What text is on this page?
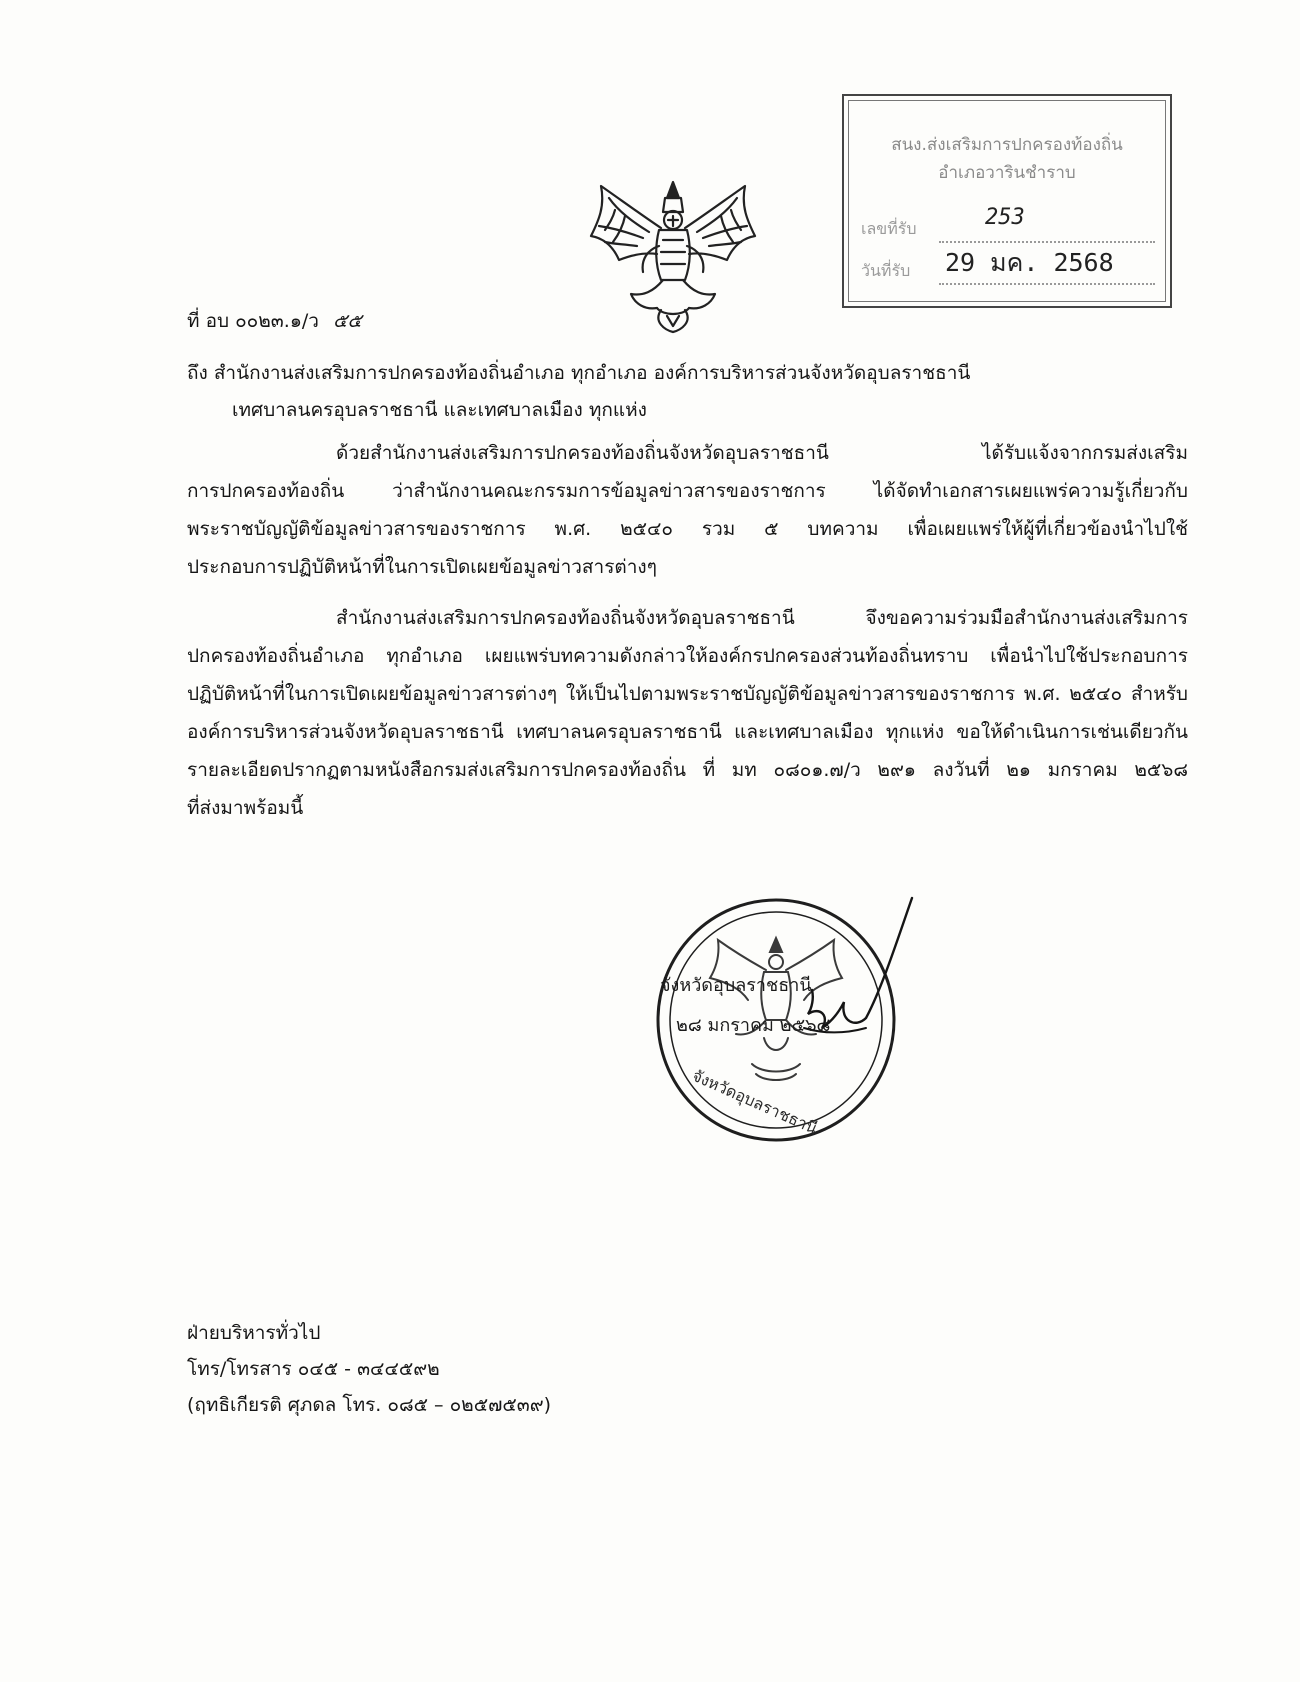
สนง.ส่งเสริมการปกครองท้องถิ่น
อำเภอวารินชำราบ
เลขที่รับ	253
วันที่รับ 29 มค. 2568
ที่ อบ ๐๐๒๓.๑/ว ๕๕
ถึง สำนักงานส่งเสริมการปกครองท้องถิ่นอำเภอ ทุกอำเภอ องค์การบริหารส่วนจังหวัดอุบลราชธานี
เทศบาลนครอุบลราชธานี และเทศบาลเมือง ทุกแห่ง
ด้วยสำนักงานส่งเสริมการปกครองท้องถิ่นจังหวัดอุบลราชธานี ได้รับแจ้งจากกรมส่งเสริม
การปกครองท้องถิ่น ว่าสำนักงานคณะกรรมการข้อมูลข่าวสารของราชการ ได้จัดทำเอกสารเผยแพร่ความรู้เกี่ยวกับ
พระราชบัญญัติข้อมูลข่าวสารของราชการ พ.ศ. ๒๕๔๐ รวม ๕ บทความ เพื่อเผยแพร่ให้ผู้ที่เกี่ยวข้องนำไปใช้
ประกอบการปฏิบัติหน้าที่ในการเปิดเผยข้อมูลข่าวสารต่างๆ
สำนักงานส่งเสริมการปกครองท้องถิ่นจังหวัดอุบลราชธานี จึงขอความร่วมมือสำนักงานส่งเสริมการ
ปกครองท้องถิ่นอำเภอ ทุกอำเภอ เผยแพร่บทความดังกล่าวให้องค์กรปกครองส่วนท้องถิ่นทราบ เพื่อนำไปใช้ประกอบการ
ปฏิบัติหน้าที่ในการเปิดเผยข้อมูลข่าวสารต่างๆ ให้เป็นไปตามพระราชบัญญัติข้อมูลข่าวสารของราชการ พ.ศ. ๒๕๔๐ สำหรับ
องค์การบริหารส่วนจังหวัดอุบลราชธานี เทศบาลนครอุบลราชธานี และเทศบาลเมือง ทุกแห่ง ขอให้ดำเนินการเช่นเดียวกัน
รายละเอียดปรากฏตามหนังสือกรมส่งเสริมการปกครองท้องถิ่น ที่ มท ๐๘๐๑.๗/ว ๒๙๑ ลงวันที่ ๒๑ มกราคม ๒๕๖๘
ที่ส่งมาพร้อมนี้
จังหวัดอุบลราชธานี
๒๘ มกราคม ๒๕๖๘
จังหวัดอุบลราชธานี
ฝ่ายบริหารทั่วไป
โทร/โทรสาร ๐๔๕ - ๓๔๔๕๙๒
(ฤทธิเกียรติ ศุภดล โทร. ๐๘๕ – ๐๒๕๗๕๓๙)
